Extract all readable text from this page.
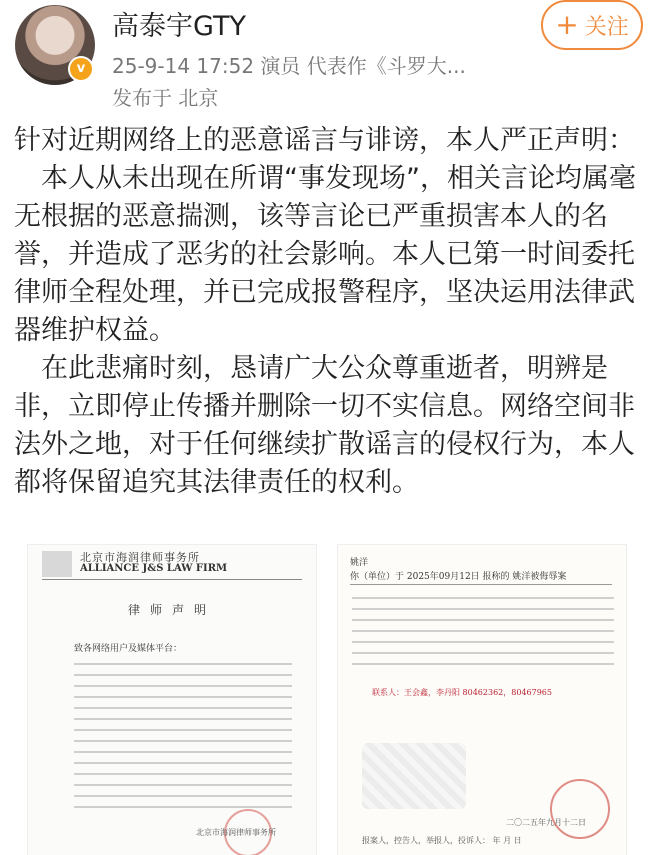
v
高泰宇GTY
25-9-14 17:52 演员 代表作《斗罗大...
发布于 北京
+ 关注

针对近期网络上的恶意谣言与诽谤，本人严正声明：

本人从未出现在所谓“事发现场”，相关言论均属毫无根据的恶意揣测，该等言论已严重损害本人的名誉，并造成了恶劣的社会影响。本人已第一时间委托律师全程处理，并已完成报警程序，坚决运用法律武器维护权益。

在此悲痛时刻，恳请广大公众尊重逝者，明辨是非，立即停止传播并删除一切不实信息。网络空间非法外之地，对于任何继续扩散谣言的侵权行为，本人都将保留追究其法律责任的权利。

北京市海润律师事务所
ALLIANCE J&S LAW FIRM
律师声明
致各网络用户及媒体平台：
北京市海润律师事务所
姚洋
你（单位）于 2025年09月12日 报称的 姚洋被侮辱案
联系人：王会鑫，李丹阳 80462362，80467965
二〇二五年九月十二日
报案人，控告人，举报人，投诉人： 年 月 日
